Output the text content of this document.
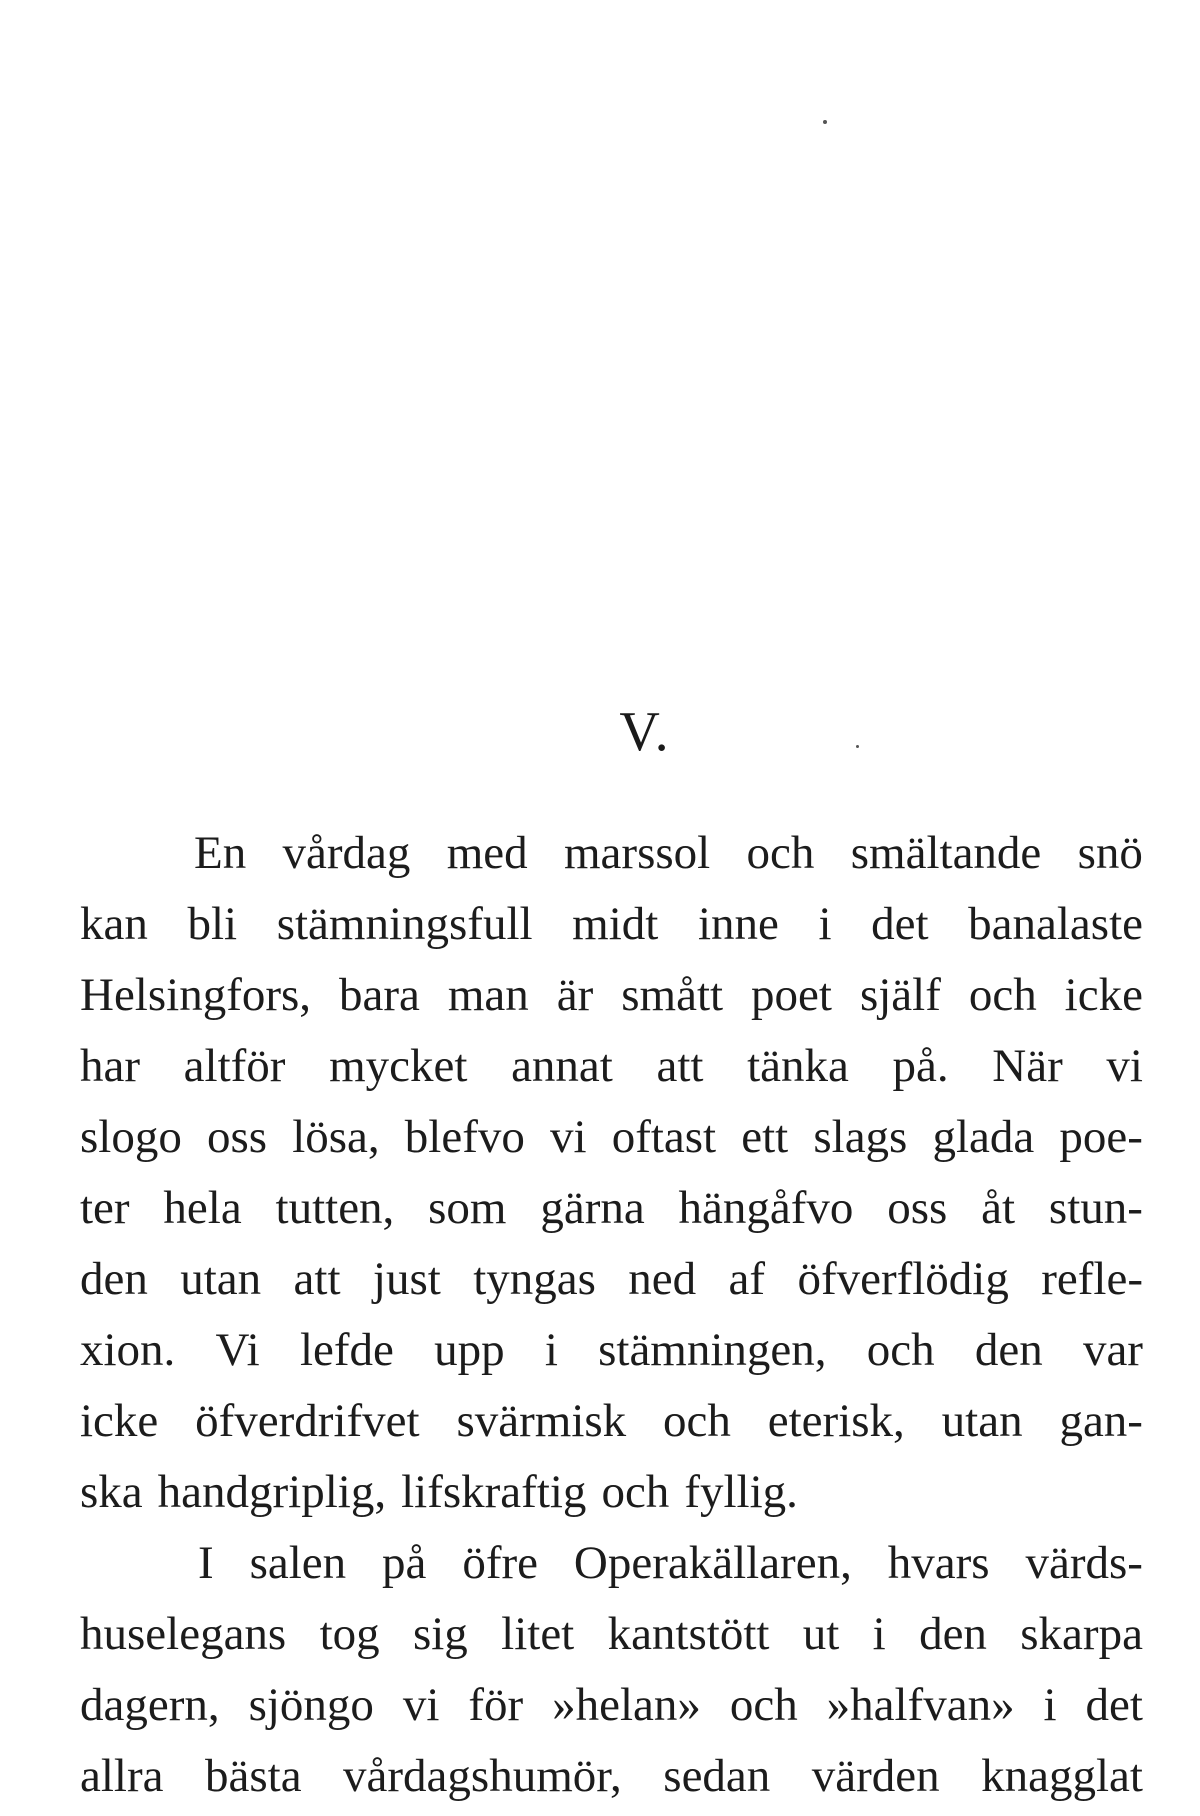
V.
En vårdag med marssol och smältande snö
kan bli stämningsfull midt inne i det banalaste
Helsingfors, bara man är smått poet själf och icke
har altför mycket annat att tänka på. När vi
slogo oss lösa, blefvo vi oftast ett slags glada poe-
ter hela tutten, som gärna hängåfvo oss åt stun-
den utan att just tyngas ned af öfverflödig refle-
xion. Vi lefde upp i stämningen, och den var
icke öfverdrifvet svärmisk och eterisk, utan gan-
ska handgriplig, lifskraftig och fyllig.
I salen på öfre Operakällaren, hvars värds-
huselegans tog sig litet kantstött ut i den skarpa
dagern, sjöngo vi för »helan» och »halfvan» i det
allra bästa vårdagshumör, sedan värden knagglat
